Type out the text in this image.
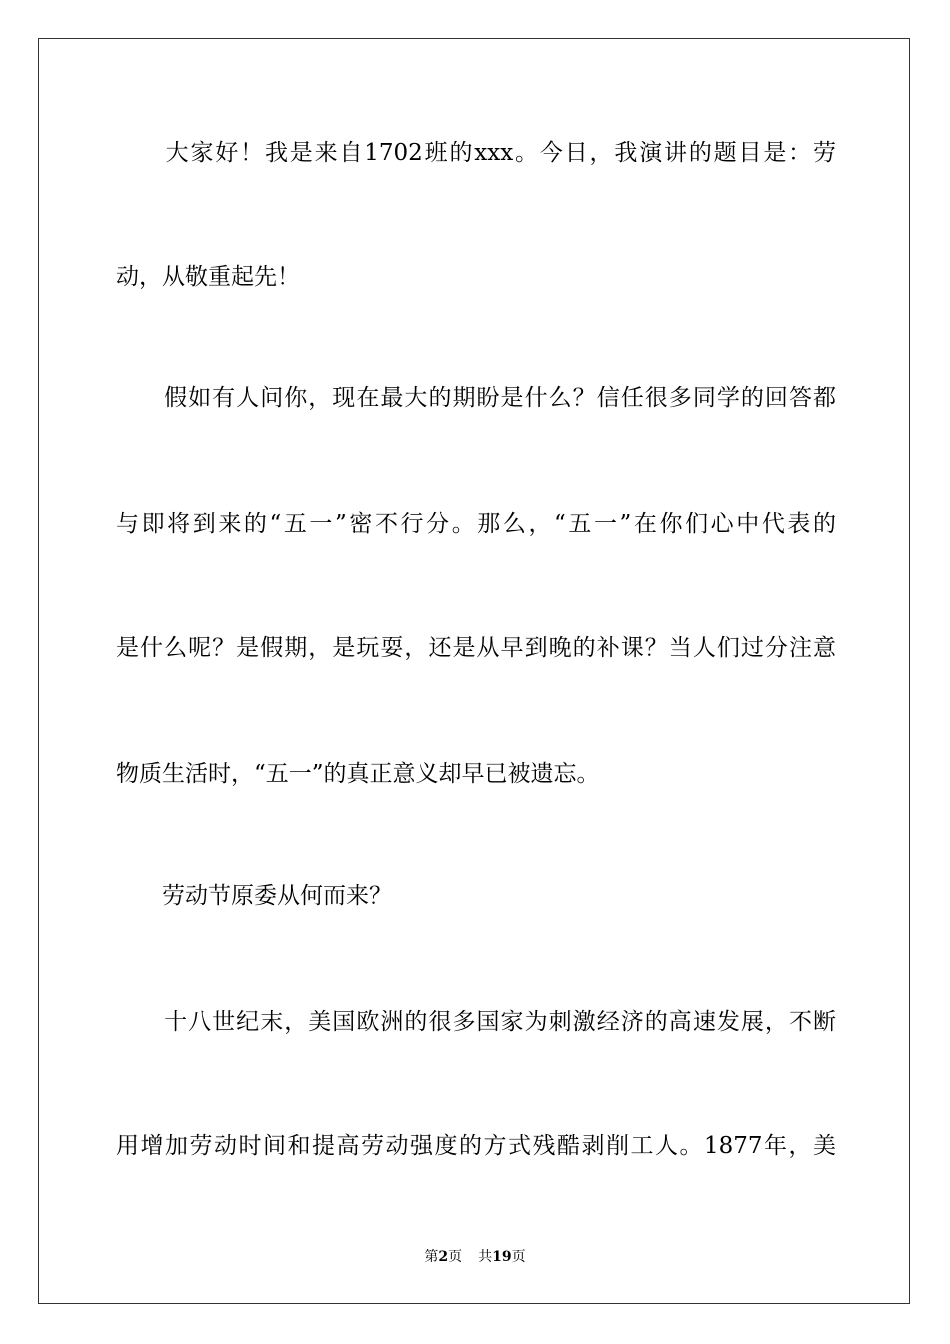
　　大家好！我是来自1702班的xxx。今日，我演讲的题目是：劳
动，从敬重起先！
　　假如有人问你，现在最大的期盼是什么？信任很多同学的回答都
与即将到来的“五一”密不行分。那么，“五一”在你们心中代表的
是什么呢？是假期，是玩耍，还是从早到晚的补课？当人们过分注意
物质生活时，“五一”的真正意义却早已被遗忘。
　　劳动节原委从何而来？
　　十八世纪末，美国欧洲的很多国家为刺激经济的高速发展，不断
用增加劳动时间和提高劳动强度的方式残酷剥削工人。1877年，美
第2页 共19页
